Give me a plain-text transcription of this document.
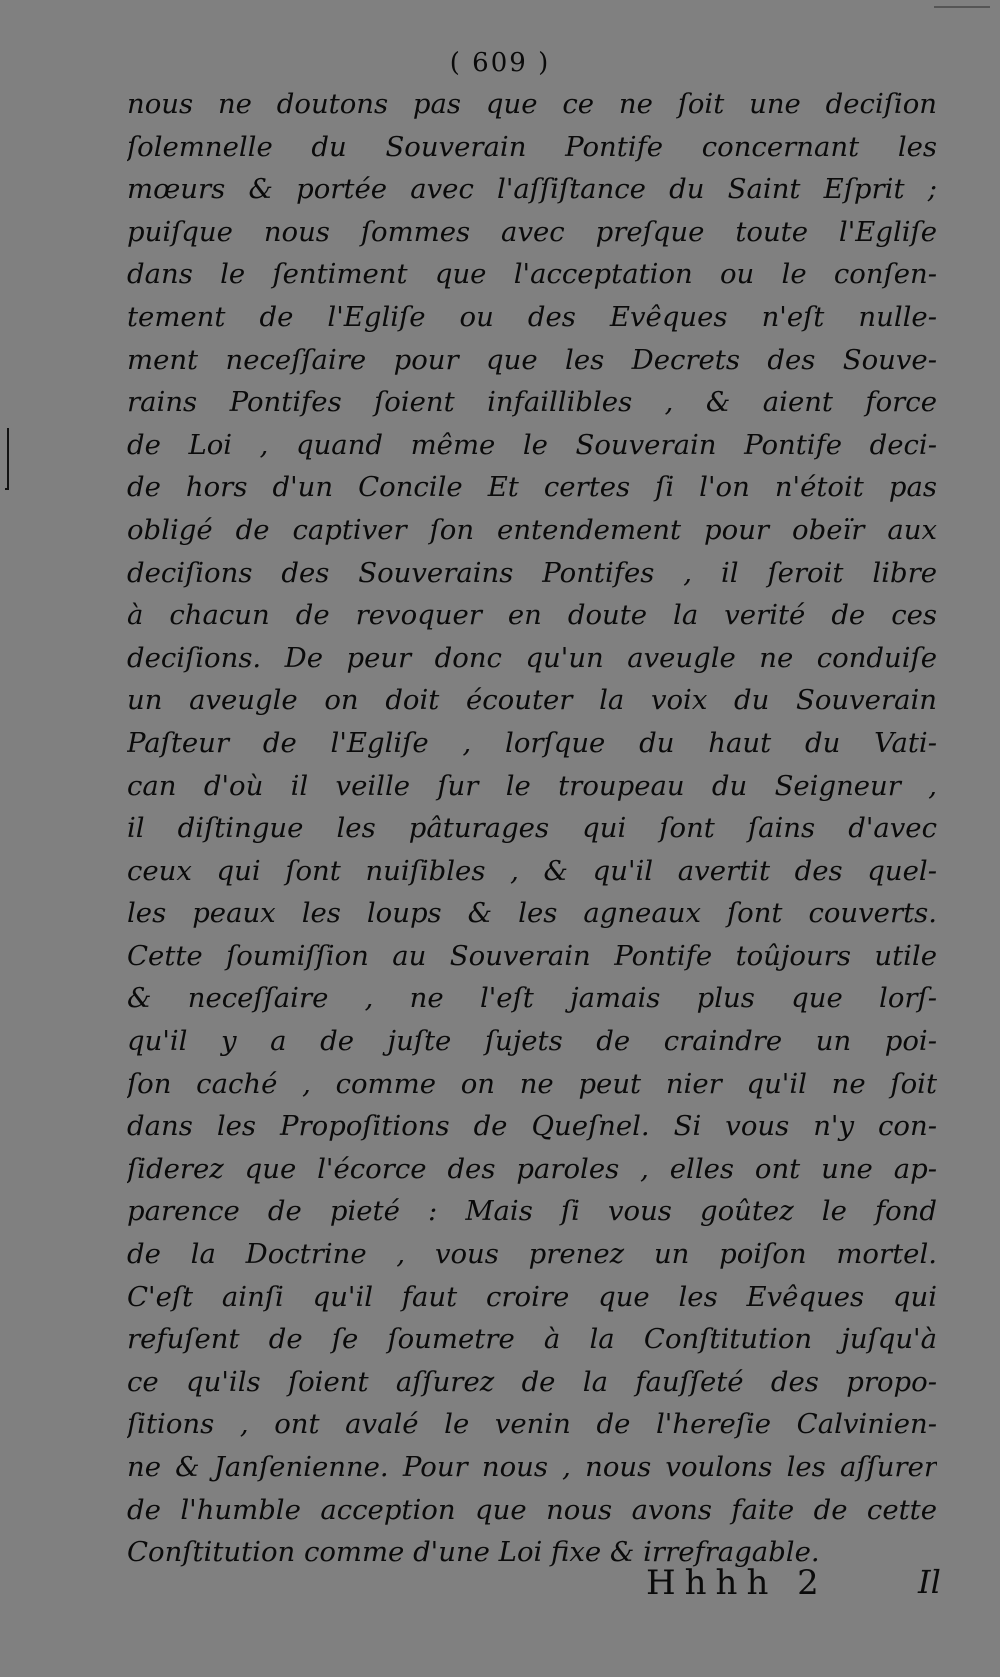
( 609 )
nous ne doutons pas que ce ne ſoit une deciſion
ſolemnelle du Souverain Pontife concernant les
mœurs & portée avec l'aſſiſtance du Saint Eſprit ;
puiſque nous ſommes avec preſque toute l'Egliſe
dans le ſentiment que l'acceptation ou le conſen-
tement de l'Egliſe ou des Evêques n'eſt nulle-
ment neceſſaire pour que les Decrets des Souve-
rains Pontifes ſoient infaillibles , & aient force
de Loi , quand même le Souverain Pontife deci-
de hors d'un Concile Et certes ſi l'on n'étoit pas
obligé de captiver ſon entendement pour obeïr aux
deciſions des Souverains Pontifes , il ſeroit libre
à chacun de revoquer en doute la verité de ces
deciſions. De peur donc qu'un aveugle ne conduiſe
un aveugle on doit écouter la voix du Souverain
Paſteur de l'Egliſe , lorſque du haut du Vati-
can d'où il veille ſur le troupeau du Seigneur ,
il diſtingue les pâturages qui ſont ſains d'avec
ceux qui ſont nuiſibles , & qu'il avertit des quel-
les peaux les loups & les agneaux ſont couverts.
Cette ſoumiſſion au Souverain Pontife toûjours utile
& neceſſaire , ne l'eſt jamais plus que lorſ-
qu'il y a de juſte ſujets de craindre un poi-
ſon caché , comme on ne peut nier qu'il ne ſoit
dans les Propoſitions de Queſnel. Si vous n'y con-
ſiderez que l'écorce des paroles , elles ont une ap-
parence de pieté : Mais ſi vous goûtez le fond
de la Doctrine , vous prenez un poiſon mortel.
C'eſt ainſi qu'il faut croire que les Evêques qui
refuſent de ſe ſoumetre à la Conſtitution juſqu'à
ce qu'ils ſoient aſſurez de la fauſſeté des propo-
ſitions , ont avalé le venin de l'hereſie Calvinien-
ne & Janſenienne. Pour nous , nous voulons les aſſurer
de l'humble acception que nous avons faite de cette
Conſtitution comme d'une Loi fixe & irrefragable.
Hhhh 2	Il
